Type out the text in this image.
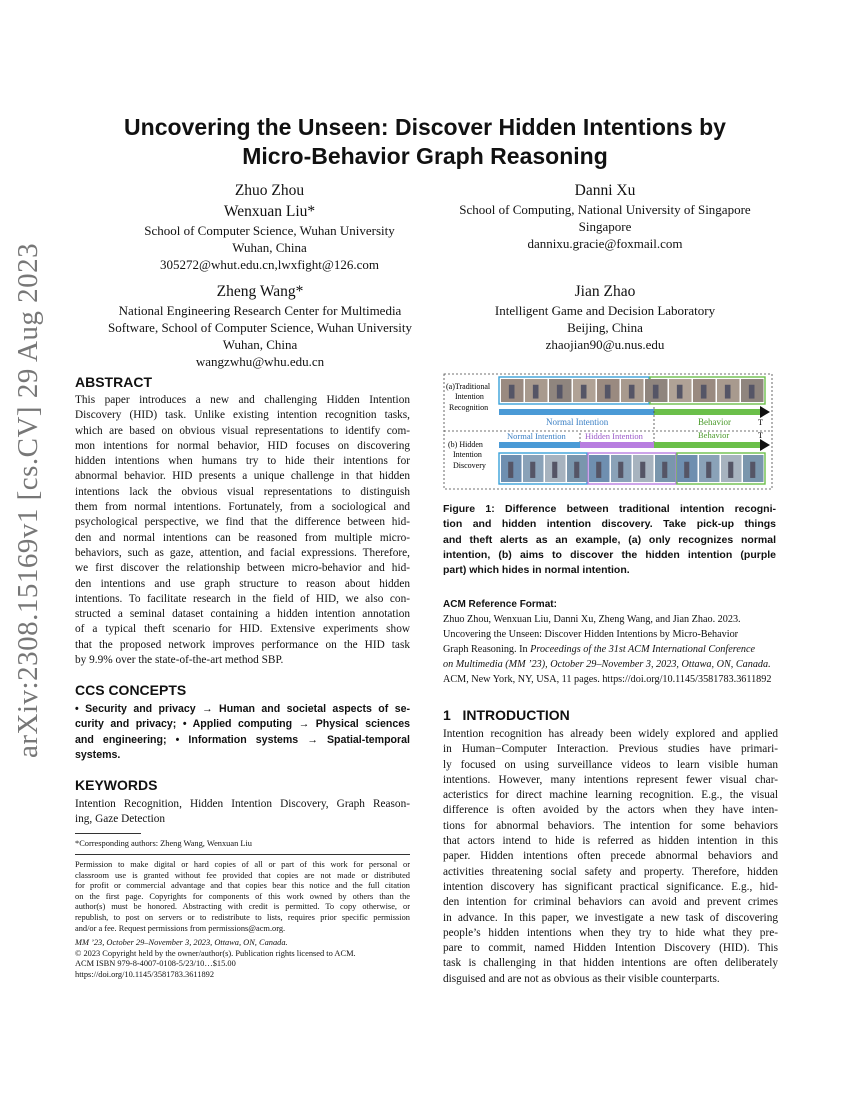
arXiv:2308.15169v1 [cs.CV] 29 Aug 2023
Uncovering the Unseen: Discover Hidden Intentions by
Micro-Behavior Graph Reasoning
Zhuo Zhou
Wenxuan Liu*
School of Computer Science, Wuhan University
Wuhan, China
305272@whut.edu.cn,lwxfight@126.com
Danni Xu
School of Computing, National University of Singapore
Singapore
dannixu.gracie@foxmail.com
Zheng Wang*
National Engineering Research Center for Multimedia
Software, School of Computer Science, Wuhan University
Wuhan, China
wangzwhu@whu.edu.cn
Jian Zhao
Intelligent Game and Decision Laboratory
Beijing, China
zhaojian90@u.nus.edu
ABSTRACT
This paper introduces a new and challenging Hidden Intention
Discovery (HID) task. Unlike existing intention recognition tasks,
which are based on obvious visual representations to identify com-
mon intentions for normal behavior, HID focuses on discovering
hidden intentions when humans try to hide their intentions for
abnormal behavior. HID presents a unique challenge in that hidden
intentions lack the obvious visual representations to distinguish
them from normal intentions. Fortunately, from a sociological and
psychological perspective, we find that the difference between hid-
den and normal intentions can be reasoned from multiple micro-
behaviors, such as gaze, attention, and facial expressions. Therefore,
we first discover the relationship between micro-behavior and hid-
den intentions and use graph structure to reason about hidden
intentions. To facilitate research in the field of HID, we also con-
structed a seminal dataset containing a hidden intention annotation
of a typical theft scenario for HID. Extensive experiments show
that the proposed network improves performance on the HID task
by 9.9% over the state-of-the-art method SBP.
CCS CONCEPTS
• Security and privacy → Human and societal aspects of se-
curity and privacy; • Applied computing → Physical sciences
and engineering; • Information systems → Spatial-temporal
systems.
KEYWORDS
Intention Recognition, Hidden Intention Discovery, Graph Reason-
ing, Gaze Detection
*Corresponding authors: Zheng Wang, Wenxuan Liu
Permission to make digital or hard copies of all or part of this work for personal or
classroom use is granted without fee provided that copies are not made or distributed
for profit or commercial advantage and that copies bear this notice and the full citation
on the first page. Copyrights for components of this work owned by others than the
author(s) must be honored. Abstracting with credit is permitted. To copy otherwise, or
republish, to post on servers or to redistribute to lists, requires prior specific permission
and/or a fee. Request permissions from permissions@acm.org.
MM ’23, October 29–November 3, 2023, Ottawa, ON, Canada.
© 2023 Copyright held by the owner/author(s). Publication rights licensed to ACM.
ACM ISBN 979-8-4007-0108-5/23/10…$15.00
https://doi.org/10.1145/3581783.3611892
(a)Traditional
Intention
Recognition
T
Normal Intention	Behavior
(b) Hidden
Intention
Discovery
Normal Intention Hidden Intention	Behavior	T
Figure 1: Difference between traditional intention recogni-
tion and hidden intention discovery. Take pick-up things
and theft alerts as an example, (a) only recognizes normal
intention, (b) aims to discover the hidden intention (purple
part) which hides in normal intention.
ACM Reference Format:
Zhuo Zhou, Wenxuan Liu, Danni Xu, Zheng Wang, and Jian Zhao. 2023.
Uncovering the Unseen: Discover Hidden Intentions by Micro-Behavior
Graph Reasoning. In Proceedings of the 31st ACM International Conference
on Multimedia (MM ’23), October 29–November 3, 2023, Ottawa, ON, Canada.
ACM, New York, NY, USA, 11 pages. https://doi.org/10.1145/3581783.3611892
1 INTRODUCTION
Intention recognition has already been widely explored and applied
in Human−Computer Interaction. Previous studies have primari-
ly focused on using surveillance videos to learn visible human
intentions. However, many intentions represent fewer visual char-
acteristics for direct machine learning recognition. E.g., the visual
difference is often avoided by the actors when they have inten-
tions for abnormal behaviors. The intention for some behaviors
that actors intend to hide is referred as hidden intention in this
paper. Hidden intentions often precede abnormal behaviors and
activities threatening social safety and property. Therefore, hidden
intention discovery has significant practical significance. E.g., hid-
den intention for criminal behaviors can avoid and prevent crimes
in advance. In this paper, we investigate a new task of discovering
people’s hidden intentions when they try to hide what they pre-
pare to commit, named Hidden Intention Discovery (HID). This
task is challenging in that hidden intentions are often deliberately
disguised and are not as obvious as their visible counterparts.
